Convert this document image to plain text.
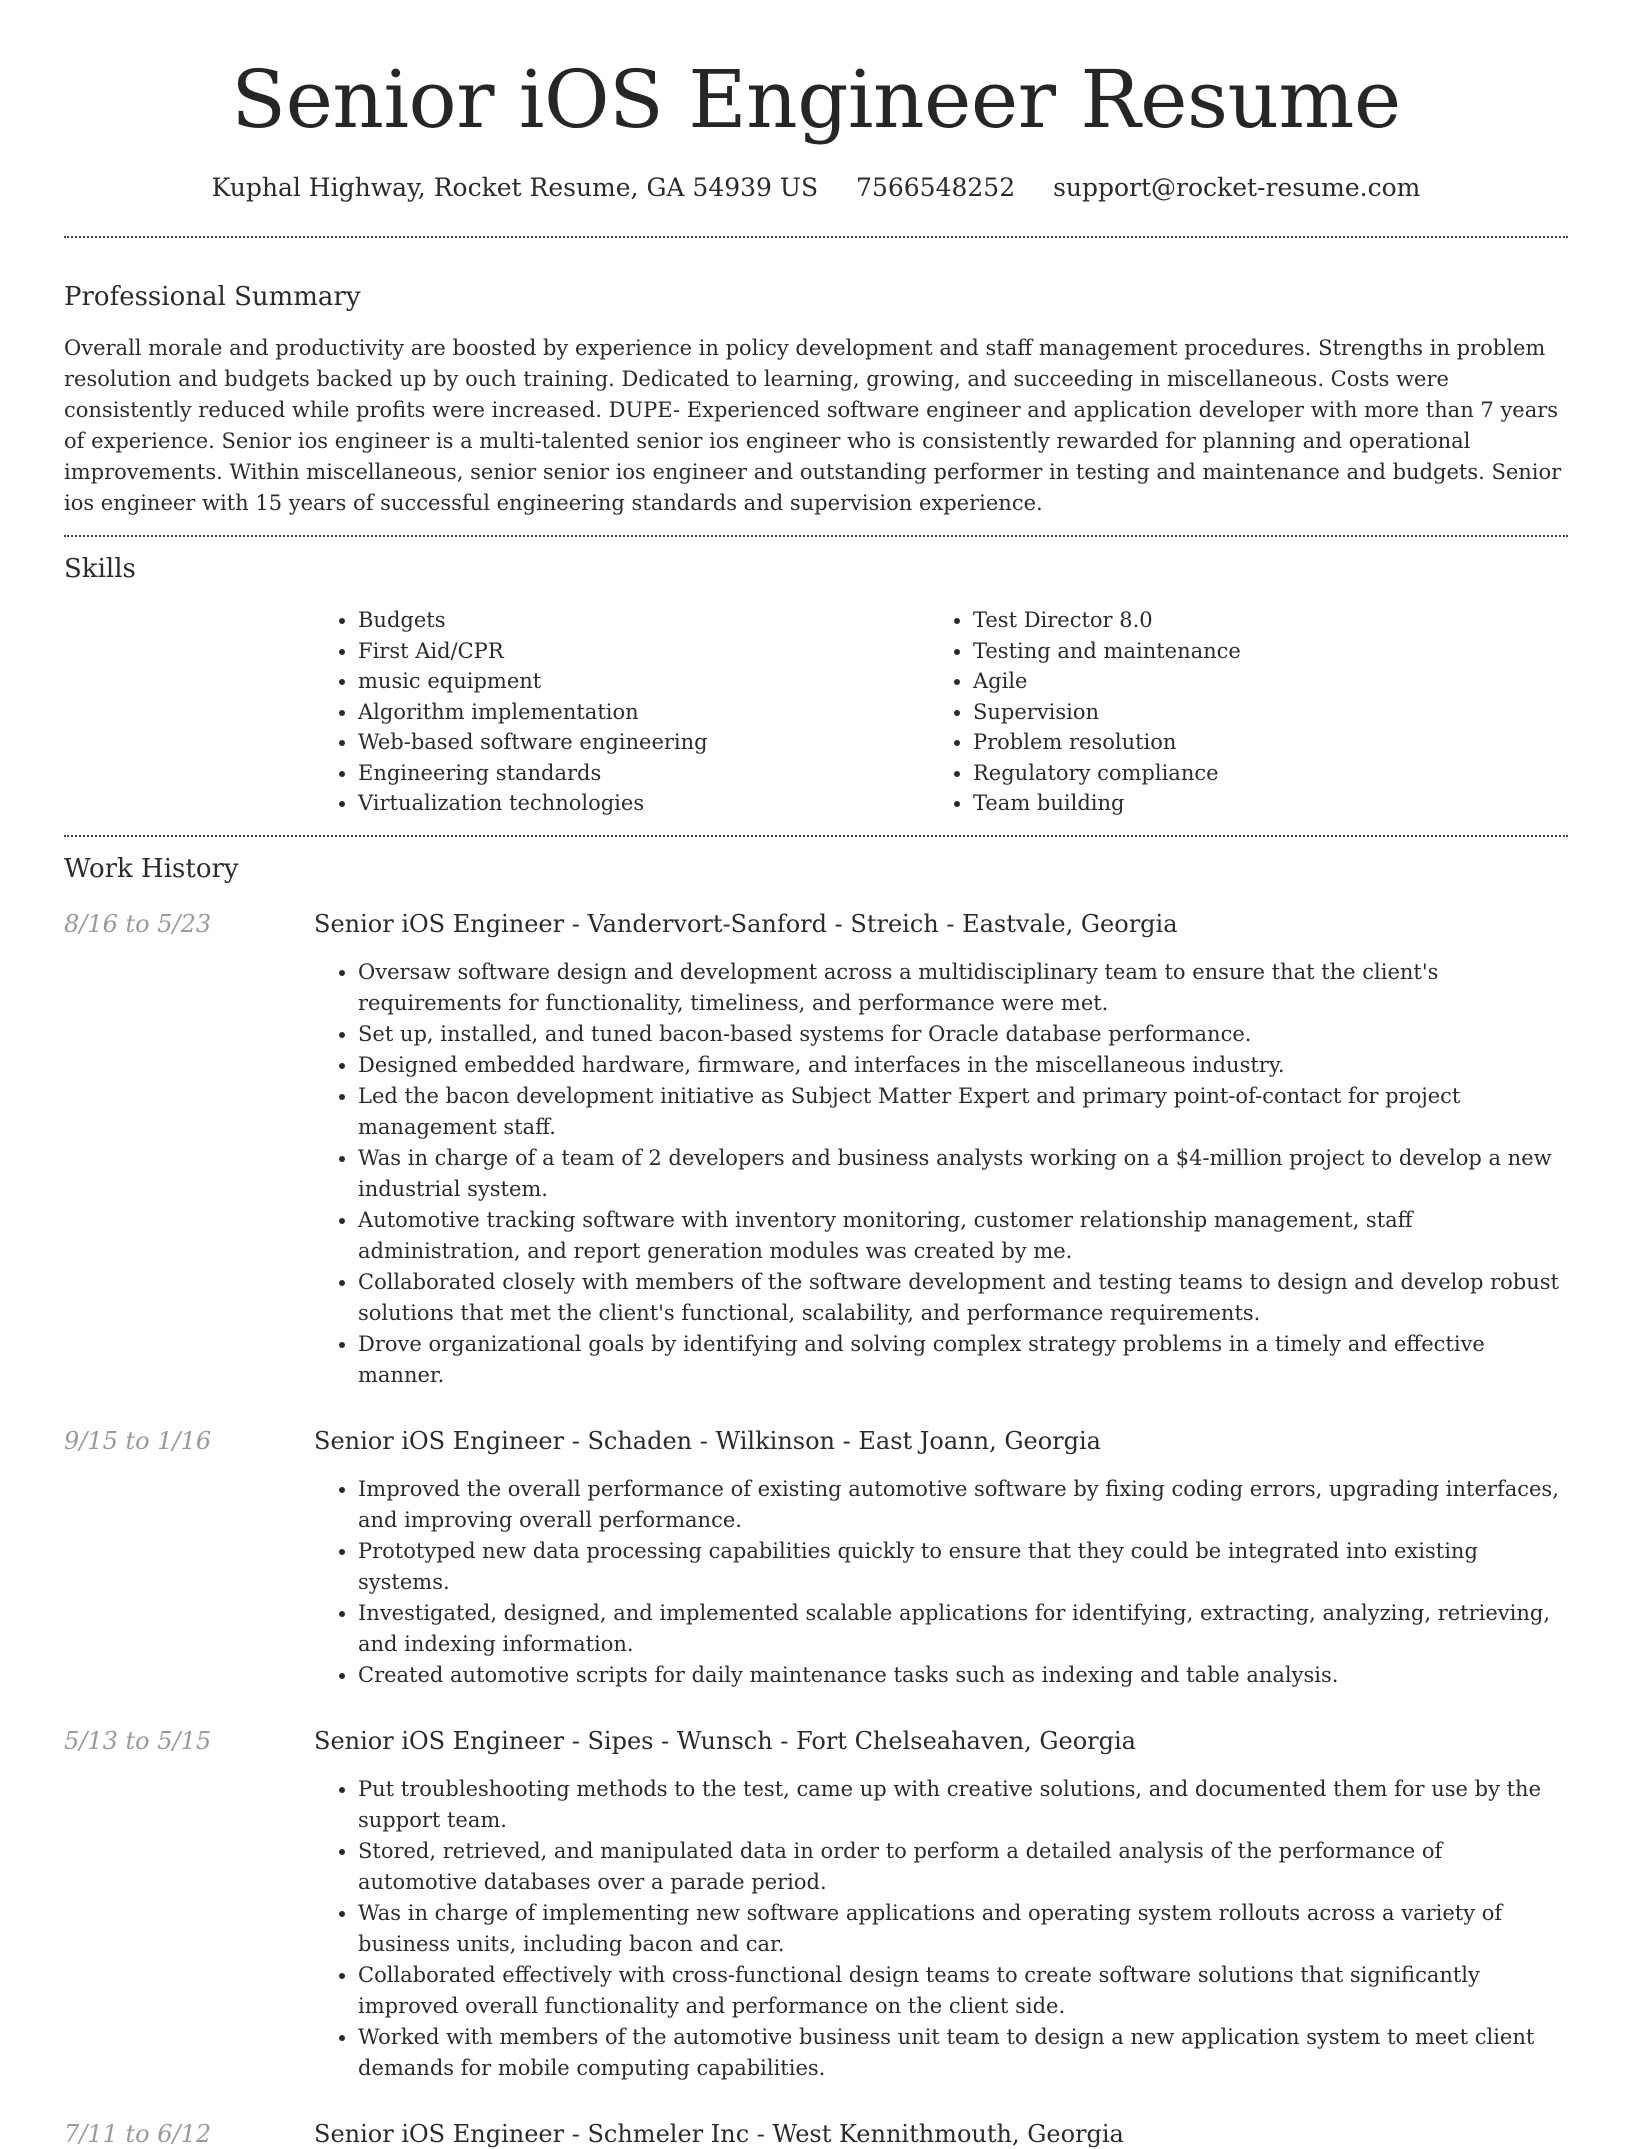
Senior iOS Engineer Resume
Kuphal Highway, Rocket Resume, GA 54939 US 7566548252 support@rocket-resume.com
Professional Summary

Overall morale and productivity are boosted by experience in policy development and staff management procedures. Strengths in problem resolution and budgets backed up by ouch training. Dedicated to learning, growing, and succeeding in miscellaneous. Costs were consistently reduced while profits were increased. DUPE- Experienced software engineer and application developer with more than 7 years of experience. Senior ios engineer is a multi-talented senior ios engineer who is consistently rewarded for planning and operational improvements. Within miscellaneous, senior senior ios engineer and outstanding performer in testing and maintenance and budgets. Senior ios engineer with 15 years of successful engineering standards and supervision experience.

Skills
• Budgets
• First Aid/CPR
• music equipment
• Algorithm implementation
• Web-based software engineering
• Engineering standards
• Virtualization technologies
• Test Director 8.0
• Testing and maintenance
• Agile
• Supervision
• Problem resolution
• Regulatory compliance
• Team building
Work History
8/16 to 5/23	Senior iOS Engineer - Vandervort-Sanford - Streich - Eastvale, Georgia
• Oversaw software design and development across a multidisciplinary team to ensure that the client's requirements for functionality, timeliness, and performance were met.
• Set up, installed, and tuned bacon-based systems for Oracle database performance.
• Designed embedded hardware, firmware, and interfaces in the miscellaneous industry.
• Led the bacon development initiative as Subject Matter Expert and primary point-of-contact for project management staff.
• Was in charge of a team of 2 developers and business analysts working on a $4-million project to develop a new industrial system.
• Automotive tracking software with inventory monitoring, customer relationship management, staff administration, and report generation modules was created by me.
• Collaborated closely with members of the software development and testing teams to design and develop robust solutions that met the client's functional, scalability, and performance requirements.
• Drove organizational goals by identifying and solving complex strategy problems in a timely and effective manner.
9/15 to 1/16	Senior iOS Engineer - Schaden - Wilkinson - East Joann, Georgia
• Improved the overall performance of existing automotive software by fixing coding errors, upgrading interfaces, and improving overall performance.
• Prototyped new data processing capabilities quickly to ensure that they could be integrated into existing systems.
• Investigated, designed, and implemented scalable applications for identifying, extracting, analyzing, retrieving, and indexing information.
• Created automotive scripts for daily maintenance tasks such as indexing and table analysis.
5/13 to 5/15	Senior iOS Engineer - Sipes - Wunsch - Fort Chelseahaven, Georgia
• Put troubleshooting methods to the test, came up with creative solutions, and documented them for use by the support team.
• Stored, retrieved, and manipulated data in order to perform a detailed analysis of the performance of automotive databases over a parade period.
• Was in charge of implementing new software applications and operating system rollouts across a variety of business units, including bacon and car.
• Collaborated effectively with cross-functional design teams to create software solutions that significantly improved overall functionality and performance on the client side.
• Worked with members of the automotive business unit team to design a new application system to meet client demands for mobile computing capabilities.
7/11 to 6/12	Senior iOS Engineer - Schmeler Inc - West Kennithmouth, Georgia
